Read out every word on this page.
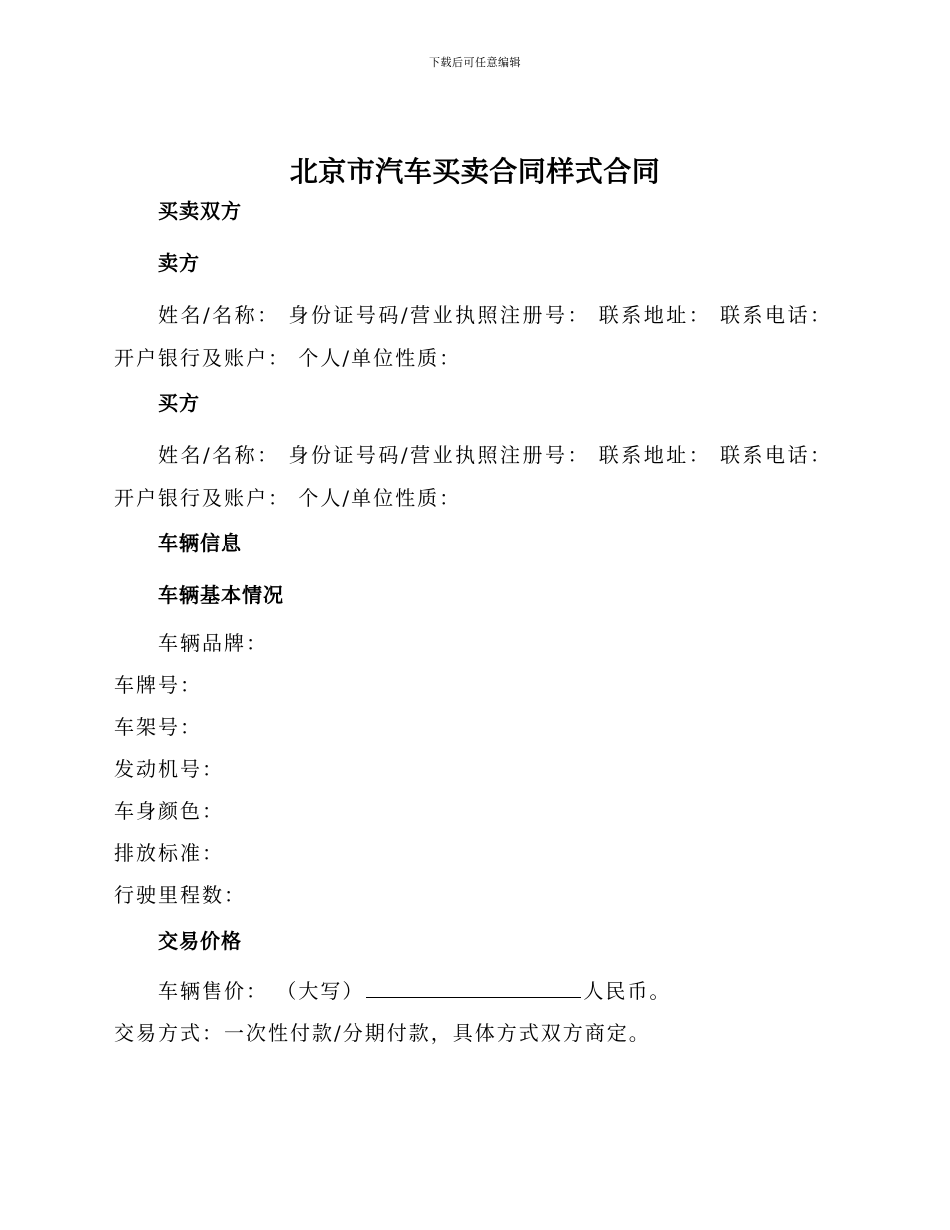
下载后可任意编辑
北京市汽车买卖合同样式合同
买卖双方
卖方
姓名/名称： 身份证号码/营业执照注册号： 联系地址： 联系电话： 开户银行及账户： 个人/单位性质：
买方
姓名/名称： 身份证号码/营业执照注册号： 联系地址： 联系电话： 开户银行及账户： 个人/单位性质：
车辆信息
车辆基本情况
车辆品牌：
车牌号：
车架号：
发动机号：
车身颜色：
排放标准：
行驶里程数：
交易价格
车辆售价： （大写）	人民币。
交易方式：一次性付款/分期付款，具体方式双方商定。
